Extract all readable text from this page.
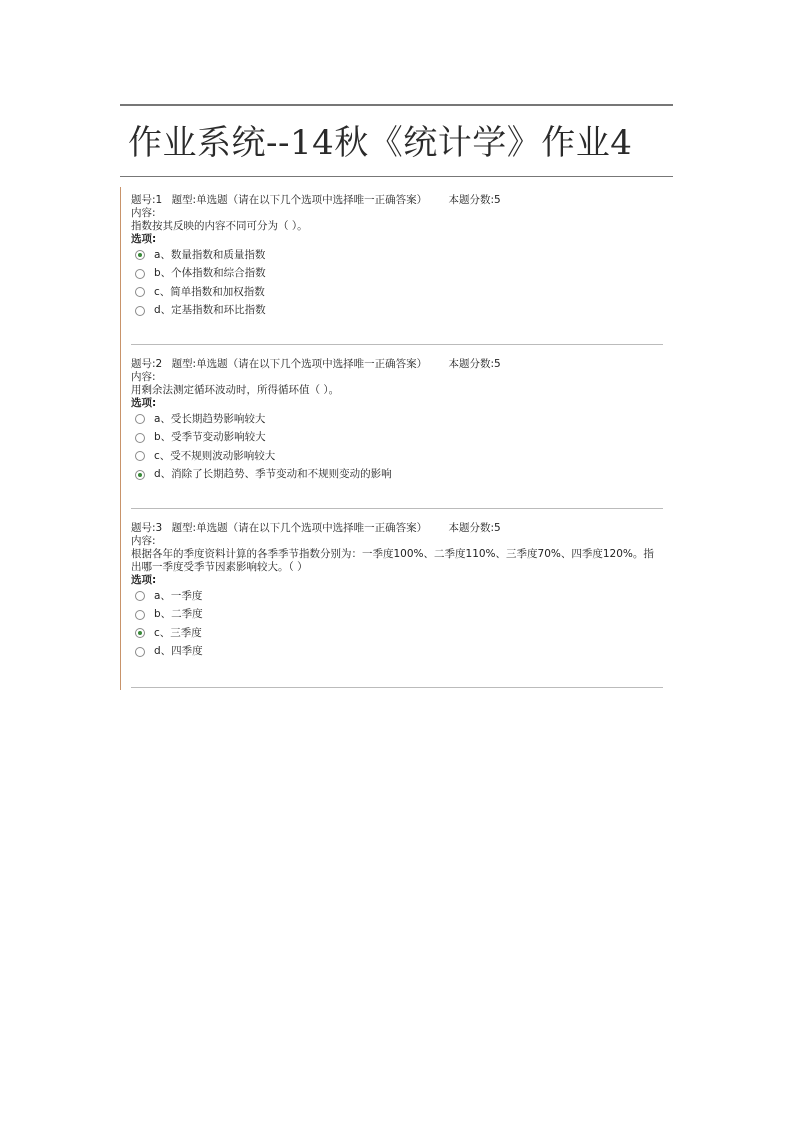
作业系统--14秋《统计学》作业4
题号:1 题型:单选题（请在以下几个选项中选择唯一正确答案） 本题分数:5
内容:
指数按其反映的内容不同可分为（ ）。
选项:
a、数量指数和质量指数
b、个体指数和综合指数
c、简单指数和加权指数
d、定基指数和环比指数
题号:2 题型:单选题（请在以下几个选项中选择唯一正确答案） 本题分数:5
内容:
用剩余法测定循环波动时，所得循环值（ ）。
选项:
a、受长期趋势影响较大
b、受季节变动影响较大
c、受不规则波动影响较大
d、消除了长期趋势、季节变动和不规则变动的影响
题号:3 题型:单选题（请在以下几个选项中选择唯一正确答案） 本题分数:5
内容:
根据各年的季度资料计算的各季季节指数分别为：一季度100%、二季度110%、三季度70%、四季度120%。指出哪一季度受季节因素影响较大。（ ）
选项:
a、一季度
b、二季度
c、三季度
d、四季度
